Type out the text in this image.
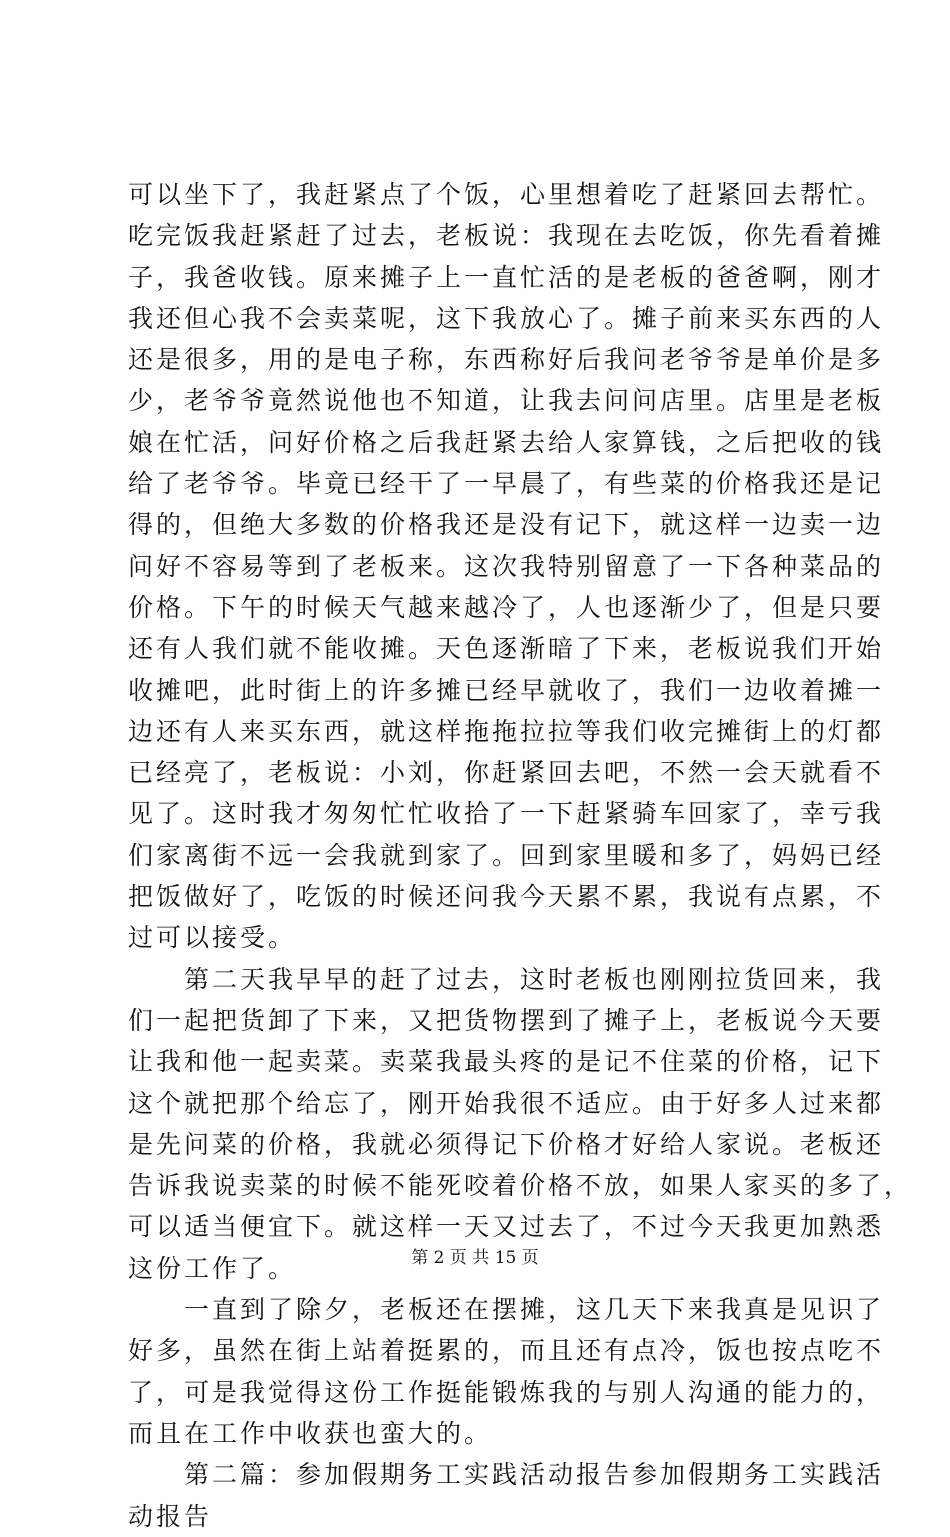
可以坐下了，我赶紧点了个饭，心里想着吃了赶紧回去帮忙。
吃完饭我赶紧赶了过去，老板说：我现在去吃饭，你先看着摊
子，我爸收钱。原来摊子上一直忙活的是老板的爸爸啊，刚才
我还但心我不会卖菜呢，这下我放心了。摊子前来买东西的人
还是很多，用的是电子称，东西称好后我问老爷爷是单价是多
少，老爷爷竟然说他也不知道，让我去问问店里。店里是老板
娘在忙活，问好价格之后我赶紧去给人家算钱，之后把收的钱
给了老爷爷。毕竟已经干了一早晨了，有些菜的价格我还是记
得的，但绝大多数的价格我还是没有记下，就这样一边卖一边
问好不容易等到了老板来。这次我特别留意了一下各种菜品的
价格。下午的时候天气越来越冷了，人也逐渐少了，但是只要
还有人我们就不能收摊。天色逐渐暗了下来，老板说我们开始
收摊吧，此时街上的许多摊已经早就收了，我们一边收着摊一
边还有人来买东西，就这样拖拖拉拉等我们收完摊街上的灯都
已经亮了，老板说：小刘，你赶紧回去吧，不然一会天就看不
见了。这时我才匆匆忙忙收拾了一下赶紧骑车回家了，幸亏我
们家离街不远一会我就到家了。回到家里暖和多了，妈妈已经
把饭做好了，吃饭的时候还问我今天累不累，我说有点累，不
过可以接受。
　　第二天我早早的赶了过去，这时老板也刚刚拉货回来，我
们一起把货卸了下来，又把货物摆到了摊子上，老板说今天要
让我和他一起卖菜。卖菜我最头疼的是记不住菜的价格，记下
这个就把那个给忘了，刚开始我很不适应。由于好多人过来都
是先问菜的价格，我就必须得记下价格才好给人家说。老板还
告诉我说卖菜的时候不能死咬着价格不放，如果人家买的多了，
可以适当便宜下。就这样一天又过去了，不过今天我更加熟悉
这份工作了。
　　一直到了除夕，老板还在摆摊，这几天下来我真是见识了
好多，虽然在街上站着挺累的，而且还有点冷，饭也按点吃不
了，可是我觉得这份工作挺能锻炼我的与别人沟通的能力的，
而且在工作中收获也蛮大的。
　　第二篇：参加假期务工实践活动报告参加假期务工实践活
动报告
第 2 页 共 15 页
